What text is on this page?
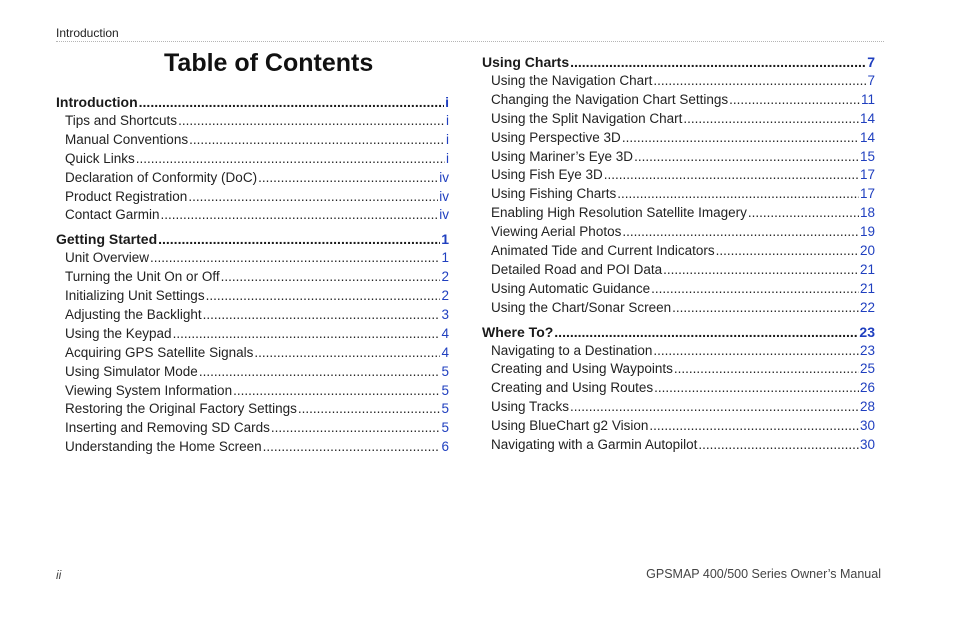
Introduction
Table of Contents
Introduction .....	i
Tips and Shortcuts .....	i
Manual Conventions .....	i
Quick Links .....	i
Declaration of Conformity (DoC) .....	iv
Product Registration .....	iv
Contact Garmin .....	iv
Getting Started .....	1
Unit Overview .....	1
Turning the Unit On or Off .....	2
Initializing Unit Settings .....	2
Adjusting the Backlight .....	3
Using the Keypad .....	4
Acquiring GPS Satellite Signals .....	4
Using Simulator Mode .....	5
Viewing System Information .....	5
Restoring the Original Factory Settings .....	5
Inserting and Removing SD Cards .....	5
Understanding the Home Screen .....	6
Using Charts .....	7
Using the Navigation Chart .....	7
Changing the Navigation Chart Settings .....	11
Using the Split Navigation Chart .....	14
Using Perspective 3D .....	14
Using Mariner’s Eye 3D .....	15
Using Fish Eye 3D .....	17
Using Fishing Charts .....	17
Enabling High Resolution Satellite Imagery .....	18
Viewing Aerial Photos .....	19
Animated Tide and Current Indicators .....	20
Detailed Road and POI Data .....	21
Using Automatic Guidance .....	21
Using the Chart/Sonar Screen .....	22
Where To? .....	23
Navigating to a Destination .....	23
Creating and Using Waypoints .....	25
Creating and Using Routes .....	26
Using Tracks .....	28
Using BlueChart g2 Vision .....	30
Navigating with a Garmin Autopilot .....	30
ii	GPSMAP 400/500 Series Owner’s Manual
